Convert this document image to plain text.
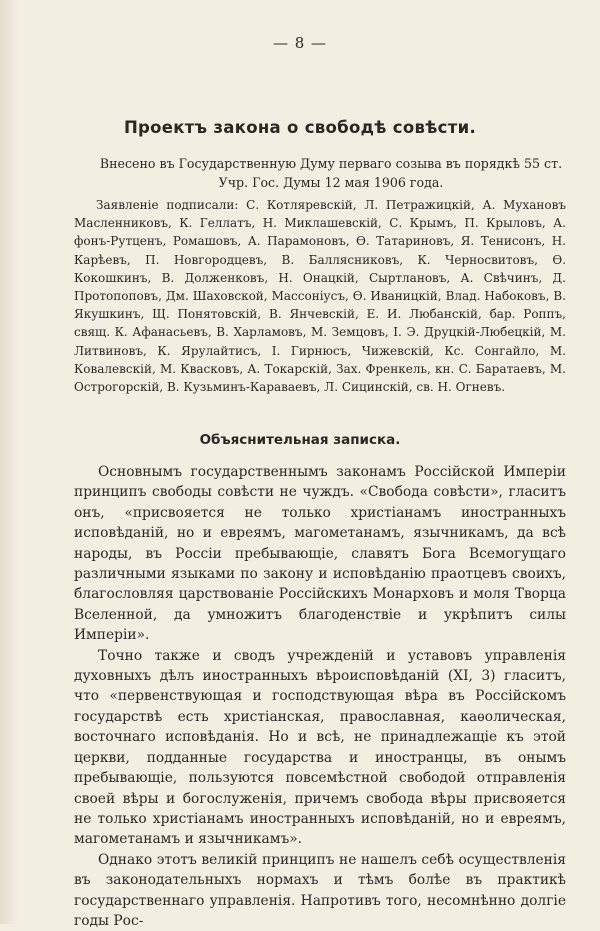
— 8 —
Проектъ закона о свободѣ совѣсти.
Внесено въ Государственную Думу перваго созыва въ порядкѣ 55 ст. Учр. Гос. Думы 12 мая 1906 года.
Заявленіе подписали: С. Котляревскій, Л. Петражицкій, А. Мухановъ Масленниковъ, К. Геллатъ, Н. Миклашевскій, С. Крымъ, П. Крыловъ, А. фонъ-Рутценъ, Ромашовъ, А. Парамоновъ, Ѳ. Татариновъ, Я. Тенисонъ, Н. Карѣевъ, П. Новгородцевъ, В. Баллясниковъ, К. Черносвитовъ, Ѳ. Кокошкинъ, В. Долженковъ, Н. Онацкій, Сыртлановъ, А. Свѣчинъ, Д. Протопоповъ, Дм. Шаховской, Массонiусъ, Ѳ. Иваницкій, Влад. Набоковъ, В. Якушкинъ, Щ. Понятовскій, В. Янчевскій, Е. И. Любанскій, бар. Роппъ, свящ. К. Афанасьевъ, В. Харламовъ, М. Земцовъ, І. Э. Друцкій-Любецкій, М. Литвиновъ, К. Ярулайтисъ, І. Гирнюсъ, Чижевскій, Кс. Сонгайло, М. Ковалевскій, М. Квасковъ, А. Токарскій, Зах. Френкель, кн. С. Баратаевъ, М. Острогорскій, В. Кузьминъ-Караваевъ, Л. Сицинскій, св. Н. Огневъ.
Объяснительная записка.

Основнымъ государственнымъ законамъ Россійской Имперіи принципъ свободы совѣсти не чуждъ. «Свобода совѣсти», гласитъ онъ, «присвояется не только христіанамъ иностранныхъ исповѣданій, но и евреямъ, магометанамъ, язычникамъ, да всѣ народы, въ Россіи пребывающіе, славятъ Бога Всемогущаго различными языками по закону и исповѣданію праотцевъ своихъ, благословляя царствованіе Россійскихъ Монарховъ и моля Творца Вселенной, да умножитъ благоденствіе и укрѣпитъ силы Имперіи».

Точно также и сводъ учрежденій и уставовъ управленія духовныхъ дѣлъ иностранныхъ вѣроисповѣданій (XI, 3) гласитъ, что «первенствующая и господствующая вѣра въ Россійскомъ государствѣ есть христіанская, православная, каѳолическая, восточнаго исповѣданія. Но и всѣ, не принадлежащіе къ этой церкви, подданные государства и иностранцы, въ онымъ пребывающіе, пользуются повсемѣстной свободой отправленія своей вѣры и богослуженія, причемъ свобода вѣры присвояется не только христіанамъ иностранныхъ исповѣданій, но и евреямъ, магометанамъ и язычникамъ».

Однако этотъ великій принципъ не нашелъ себѣ осуществленія въ законодательныхъ нормахъ и тѣмъ болѣе въ практикѣ государственнаго управленія. Напротивъ того, несомнѣнно долгіе годы Рос-
